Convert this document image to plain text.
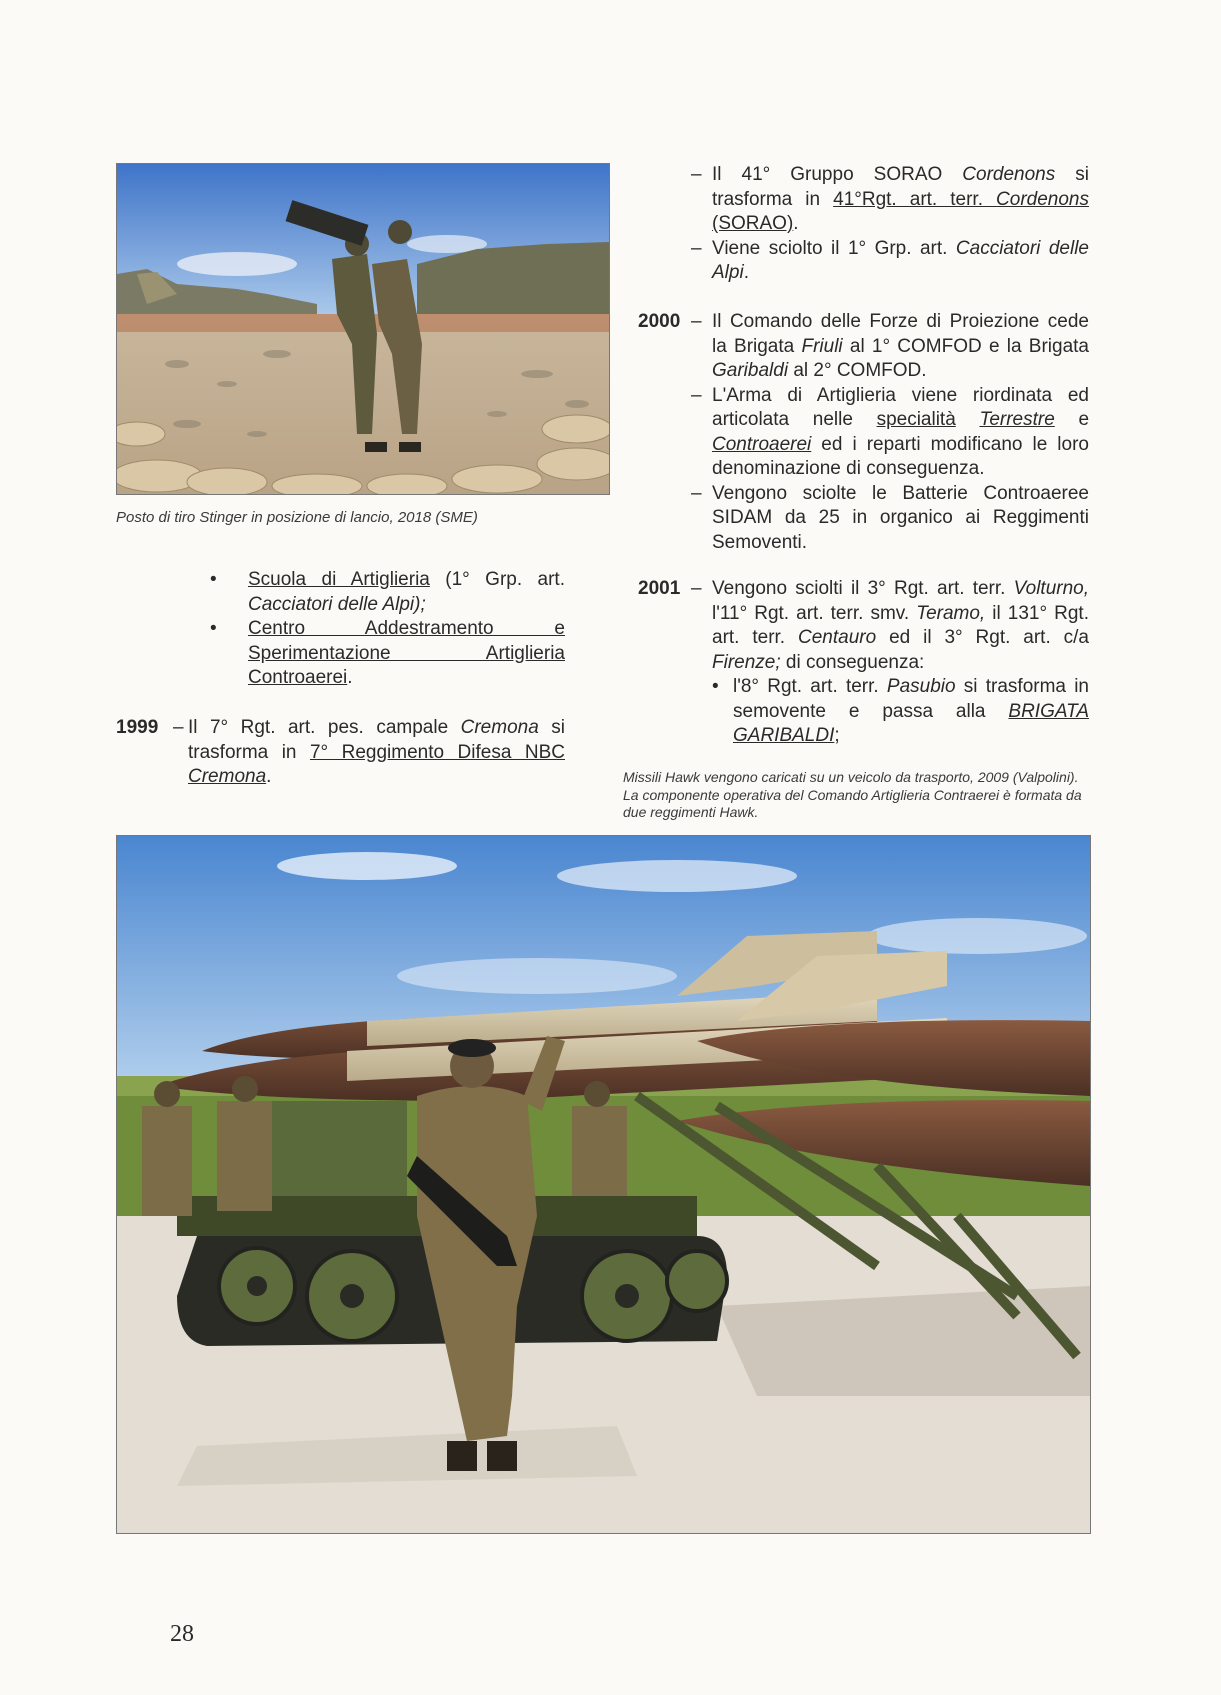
Posto di tiro Stinger in posizione di lancio, 2018 (SME)
• Scuola di Artiglieria (1° Grp. art. Cacciatori delle Alpi);
• Centro Addestramento e Sperimentazione Artiglieria Controaerei.
1999 – Il 7° Rgt. art. pes. campale Cremona si trasforma in 7° Reggimento Difesa NBC Cremona.
– Il 41° Gruppo SORAO Cordenons si trasforma in 41°Rgt. art. terr. Cordenons (SORAO).
– Viene sciolto il 1° Grp. art. Cacciatori delle Alpi.
2000 – Il Comando delle Forze di Proiezione cede la Brigata Friuli al 1° COMFOD e la Brigata Garibaldi al 2° COMFOD.
– L'Arma di Artiglieria viene riordinata ed articolata nelle specialità Terrestre e Controaerei ed i reparti modificano le loro denominazione di conseguenza.
– Vengono sciolte le Batterie Controaeree SIDAM da 25 in organico ai Reggimenti Semoventi.
2001 – Vengono sciolti il 3° Rgt. art. terr. Volturno, l'11° Rgt. art. terr. smv. Teramo, il 131° Rgt. art. terr. Centauro ed il 3° Rgt. art. c/a Firenze; di conseguenza:
• l'8° Rgt. art. terr. Pasubio si trasforma in semovente e passa alla BRIGATA GARIBALDI;
Missili Hawk vengono caricati su un veicolo da trasporto, 2009 (Valpolini). La componente operativa del Comando Artiglieria Contraerei è formata da due reggimenti Hawk.
28
